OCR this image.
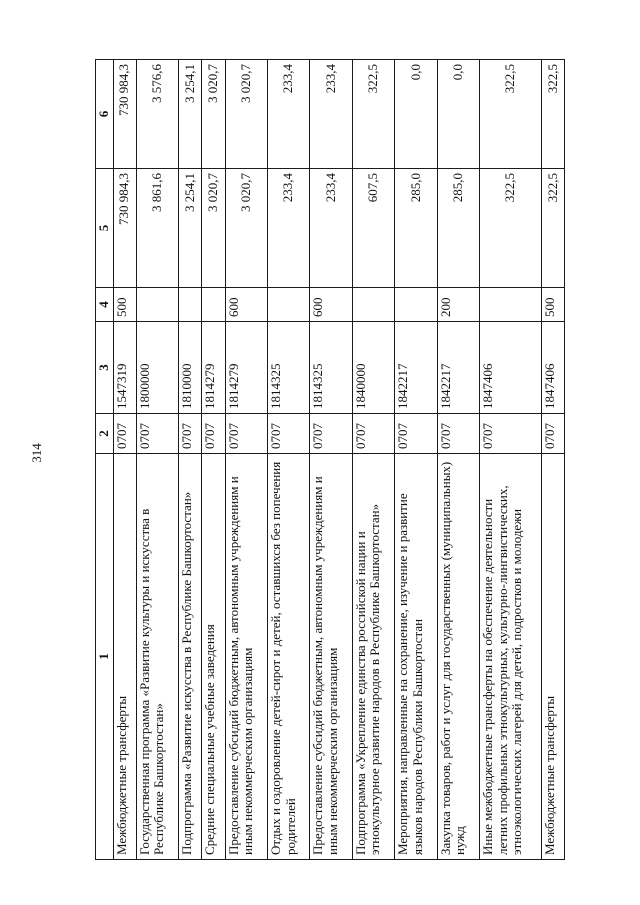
314
1	2	3	4	5	6
Межбюджетные трансферты	0707	1547319	500	730 984,3	730 984,3
Государственная программа «Развитие культуры и искусства в Республике Башкортостан»	0707	1800000		3 861,6	3 576,6
Подпрограмма «Развитие искусства в Республике Башкортостан»	0707	1810000		3 254,1	3 254,1
Средние специальные учебные заведения	0707	1814279		3 020,7	3 020,7
Предоставление субсидий бюджетным, автономным учреждениям и иным некоммерческим организациям	0707	1814279	600	3 020,7	3 020,7
Отдых и оздоровление детей-сирот и детей, оставшихся без попечения родителей	0707	1814325		233,4	233,4
Предоставление субсидий бюджетным, автономным учреждениям и иным некоммерческим организациям	0707	1814325	600	233,4	233,4
Подпрограмма «Укрепление единства российской нации и этнокультурное развитие народов в Республике Башкортостан»	0707	1840000		607,5	322,5
Мероприятия, направленные на сохранение, изучение и развитие языков народов Республики Башкортостан	0707	1842217		285,0	0,0
Закупка товаров, работ и услуг для государственных (муниципальных) нужд	0707	1842217	200	285,0	0,0
Иные межбюджетные трансферты на обеспечение деятельности летних профильных этнокультурных, культурно-лингвистических, этноэкологических лагерей для детей, подростков и молодежи	0707	1847406		322,5	322,5
Межбюджетные трансферты	0707	1847406	500	322,5	322,5
